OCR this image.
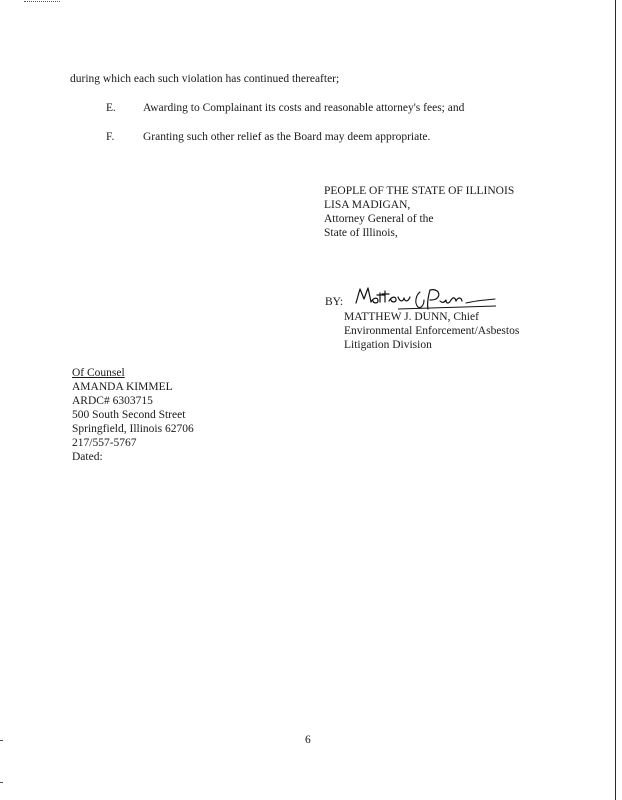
during which each such violation has continued thereafter;
E. Awarding to Complainant its costs and reasonable attorney's fees; and
F. Granting such other relief as the Board may deem appropriate.
PEOPLE OF THE STATE OF ILLINOIS
LISA MADIGAN,
Attorney General of the
State of Illinois,
BY:
MATTHEW J. DUNN, Chief
Environmental Enforcement/Asbestos
Litigation Division
Of Counsel
AMANDA KIMMEL
ARDC# 6303715
500 South Second Street
Springfield, Illinois 62706
217/557-5767
Dated:
6
